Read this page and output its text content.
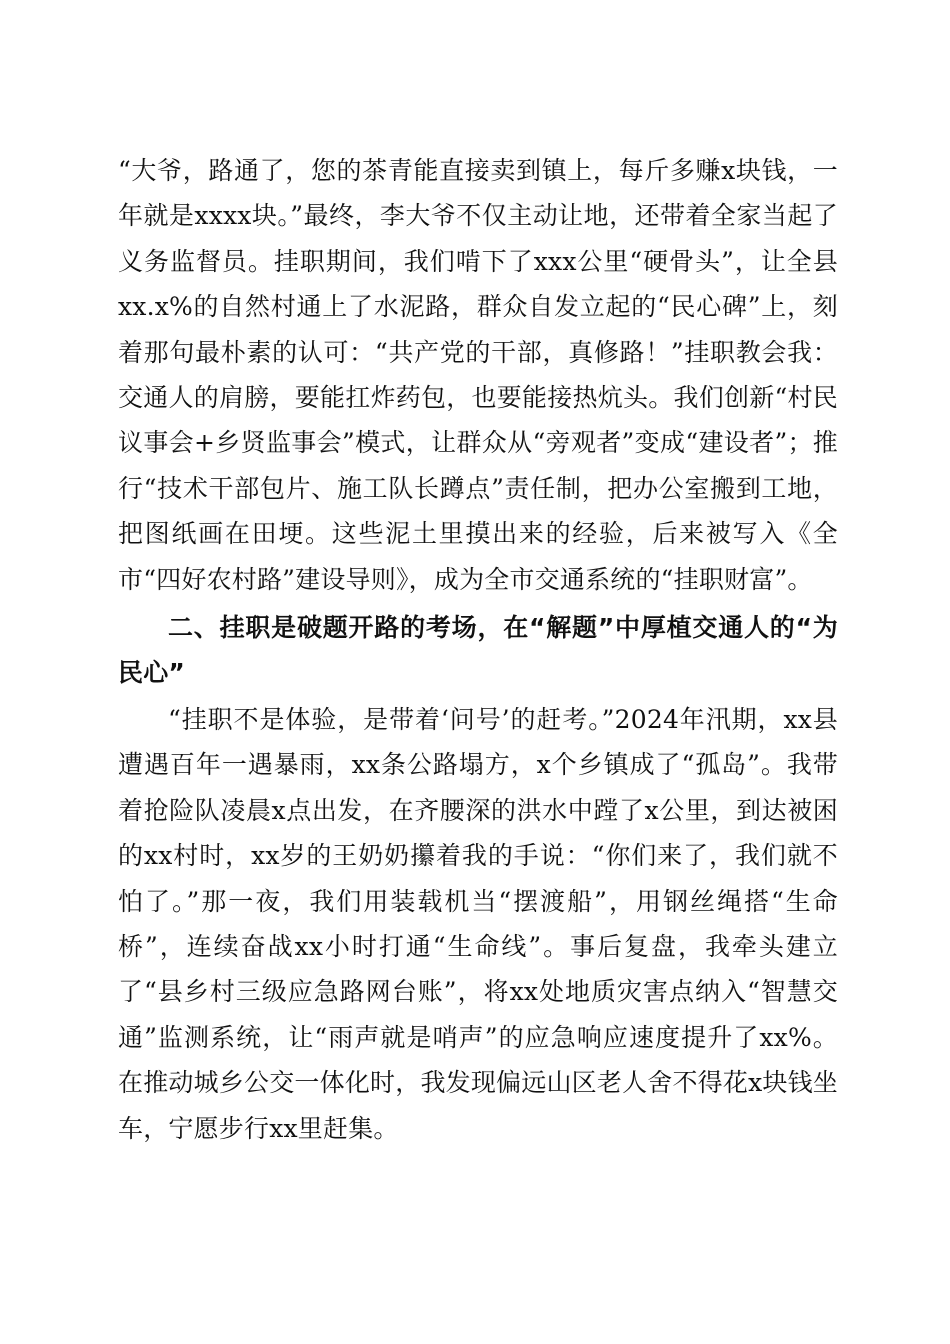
“大爷，路通了，您的茶青能直接卖到镇上，每斤多赚x块钱，一年就是xxxx块。”最终，李大爷不仅主动让地，还带着全家当起了义务监督员。挂职期间，我们啃下了xxx公里“硬骨头”，让全县xx.x%的自然村通上了水泥路，群众自发立起的“民心碑”上，刻着那句最朴素的认可：“共产党的干部，真修路！”挂职教会我：交通人的肩膀，要能扛炸药包，也要能接热炕头。我们创新“村民议事会+乡贤监事会”模式，让群众从“旁观者”变成“建设者”；推行“技术干部包片、施工队长蹲点”责任制，把办公室搬到工地，把图纸画在田埂。这些泥土里摸出来的经验，后来被写入《全市“四好农村路”建设导则》，成为全市交通系统的“挂职财富”。

二、挂职是破题开路的考场，在“解题”中厚植交通人的“为民心”

“挂职不是体验，是带着‘问号’的赶考。”2024年汛期，xx县遭遇百年一遇暴雨，xx条公路塌方，x个乡镇成了“孤岛”。我带着抢险队凌晨x点出发，在齐腰深的洪水中蹚了x公里，到达被困的xx村时，xx岁的王奶奶攥着我的手说：“你们来了，我们就不怕了。”那一夜，我们用装载机当“摆渡船”，用钢丝绳搭“生命桥”，连续奋战xx小时打通“生命线”。事后复盘，我牵头建立了“县乡村三级应急路网台账”，将xx处地质灾害点纳入“智慧交通”监测系统，让“雨声就是哨声”的应急响应速度提升了xx%。在推动城乡公交一体化时，我发现偏远山区老人舍不得花x块钱坐车，宁愿步行xx里赶集。
